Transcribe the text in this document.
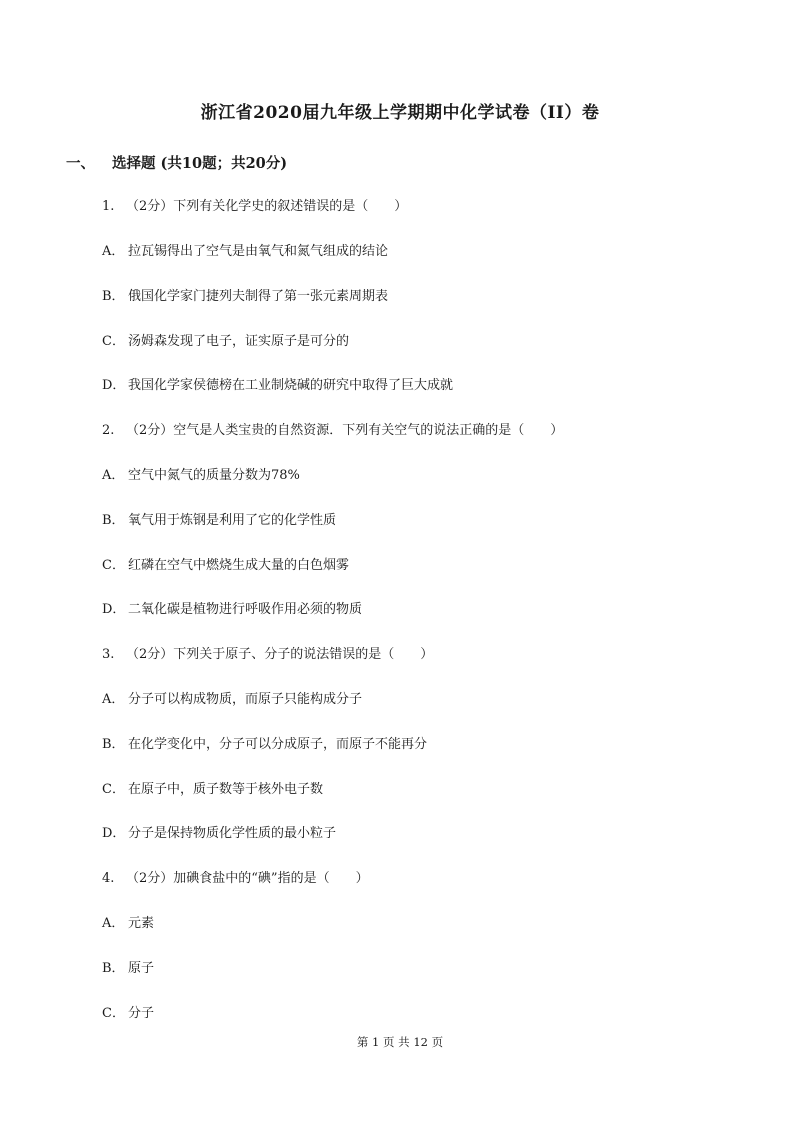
浙江省2020届九年级上学期期中化学试卷（II）卷
一、 选择题 (共10题；共20分)
1. （2分）下列有关化学史的叙述错误的是（　　）
A． 拉瓦锡得出了空气是由氧气和氮气组成的结论
B． 俄国化学家门捷列夫制得了第一张元素周期表
C． 汤姆森发现了电子，证实原子是可分的
D． 我国化学家侯德榜在工业制烧碱的研究中取得了巨大成就
2. （2分）空气是人类宝贵的自然资源．下列有关空气的说法正确的是（　　）
A． 空气中氮气的质量分数为78%
B． 氧气用于炼钢是利用了它的化学性质
C． 红磷在空气中燃烧生成大量的白色烟雾
D． 二氧化碳是植物进行呼吸作用必须的物质
3. （2分）下列关于原子、分子的说法错误的是（　　）
A． 分子可以构成物质，而原子只能构成分子
B． 在化学变化中，分子可以分成原子，而原子不能再分
C． 在原子中，质子数等于核外电子数
D． 分子是保持物质化学性质的最小粒子
4. （2分）加碘食盐中的“碘”指的是（　　）
A． 元素
B． 原子
C． 分子
第 1 页 共 12 页
